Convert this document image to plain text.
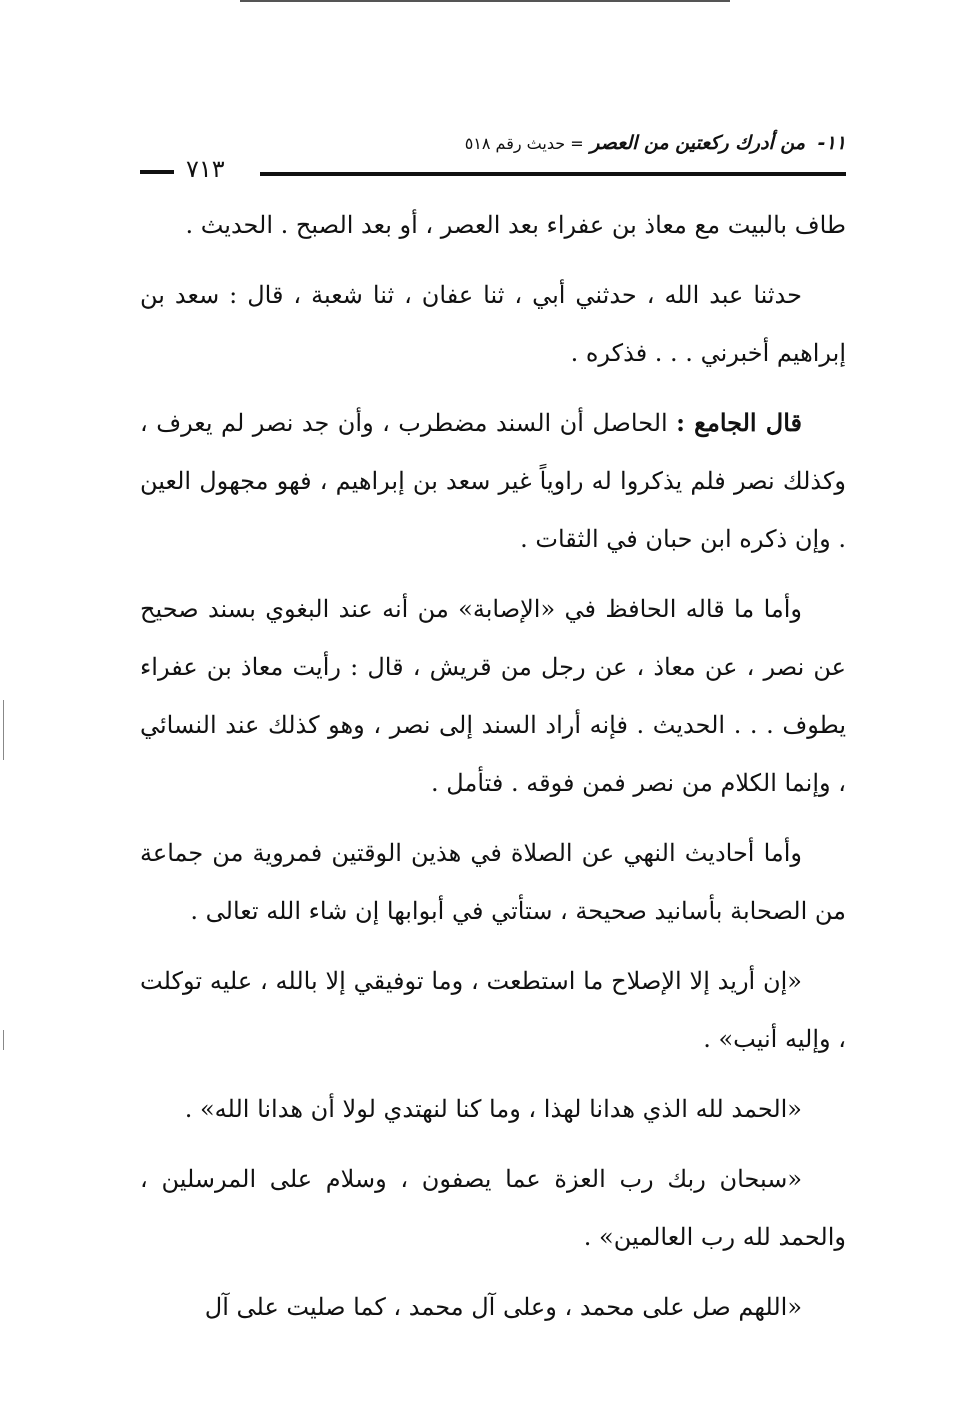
١١- من أدرك ركعتين من العصر = حديث رقم ٥١٨
٧١٣

طاف بالبيت مع معاذ بن عفراء بعد العصر ، أو بعد الصبح . الحديث .

حدثنا عبد الله ، حدثني أبي ، ثنا عفان ، ثنا شعبة ، قال : سعد بن إبراهيم أخبرني . . . فذكره .

قال الجامع : الحاصل أن السند مضطرب ، وأن جد نصر لم يعرف ، وكذلك نصر فلم يذكروا له راوياً غير سعد بن إبراهيم ، فهو مجهول العين . وإن ذكره ابن حبان في الثقات .

وأما ما قاله الحافظ في «الإصابة» من أنه عند البغوي بسند صحيح عن نصر ، عن معاذ ، عن رجل من قريش ، قال : رأيت معاذ بن عفراء يطوف . . . الحديث . فإنه أراد السند إلى نصر ، وهو كذلك عند النسائي ، وإنما الكلام من نصر فمن فوقه . فتأمل .

وأما أحاديث النهي عن الصلاة في هذين الوقتين فمروية من جماعة من الصحابة بأسانيد صحيحة ، ستأتي في أبوابها إن شاء الله تعالى .

«إن أريد إلا الإصلاح ما استطعت ، وما توفيقي إلا بالله ، عليه توكلت ، وإليه أنيب» .

«الحمد لله الذي هدانا لهذا ، وما كنا لنهتدي لولا أن هدانا الله» .

«سبحان ربك رب العزة عما يصفون ، وسلام على المرسلين ، والحمد لله رب العالمين» .

«اللهم صل على محمد ، وعلى آل محمد ، كما صليت على آل
